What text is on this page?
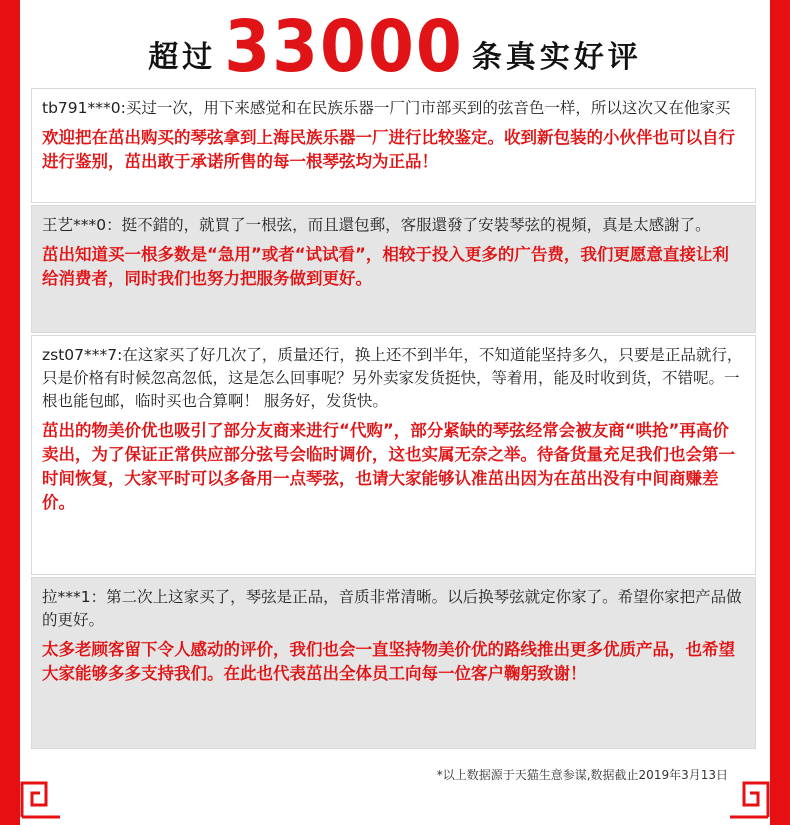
超过 33000 条真实好评

tb791***0:买过一次，用下来感觉和在民族乐器一厂门市部买到的弦音色一样，所以这次又在他家买

欢迎把在茁出购买的琴弦拿到上海民族乐器一厂进行比较鉴定。收到新包装的小伙伴也可以自行进行鉴别，茁出敢于承诺所售的每一根琴弦均为正品！

王艺***0：挺不錯的，就買了一根弦，而且還包郵，客服還發了安裝琴弦的視頻，真是太感謝了。

茁出知道买一根多数是“急用”或者“试试看”，相较于投入更多的广告费，我们更愿意直接让利给消费者，同时我们也努力把服务做到更好。

zst07***7:在这家买了好几次了，质量还行，换上还不到半年，不知道能坚持多久，只要是正品就行， 只是价格有时候忽高忽低，这是怎么回事呢？另外卖家发货挺快，等着用，能及时收到货，不错呢。一根也能包邮，临时买也合算啊！ 服务好，发货快。

茁出的物美价优也吸引了部分友商来进行“代购”，部分紧缺的琴弦经常会被友商“哄抢”再高价卖出，为了保证正常供应部分弦号会临时调价，这也实属无奈之举。待备货量充足我们也会第一时间恢复，大家平时可以多备用一点琴弦，也请大家能够认准茁出因为在茁出没有中间商赚差价。

拉***1：第二次上这家买了，琴弦是正品，音质非常清晰。以后换琴弦就定你家了。希望你家把产品做的更好。

太多老顾客留下令人感动的评价，我们也会一直坚持物美价优的路线推出更多优质产品，也希望大家能够多多支持我们。在此也代表茁出全体员工向每一位客户鞠躬致谢！

*以上数据源于天猫生意参谋,数据截止2019年3月13日
